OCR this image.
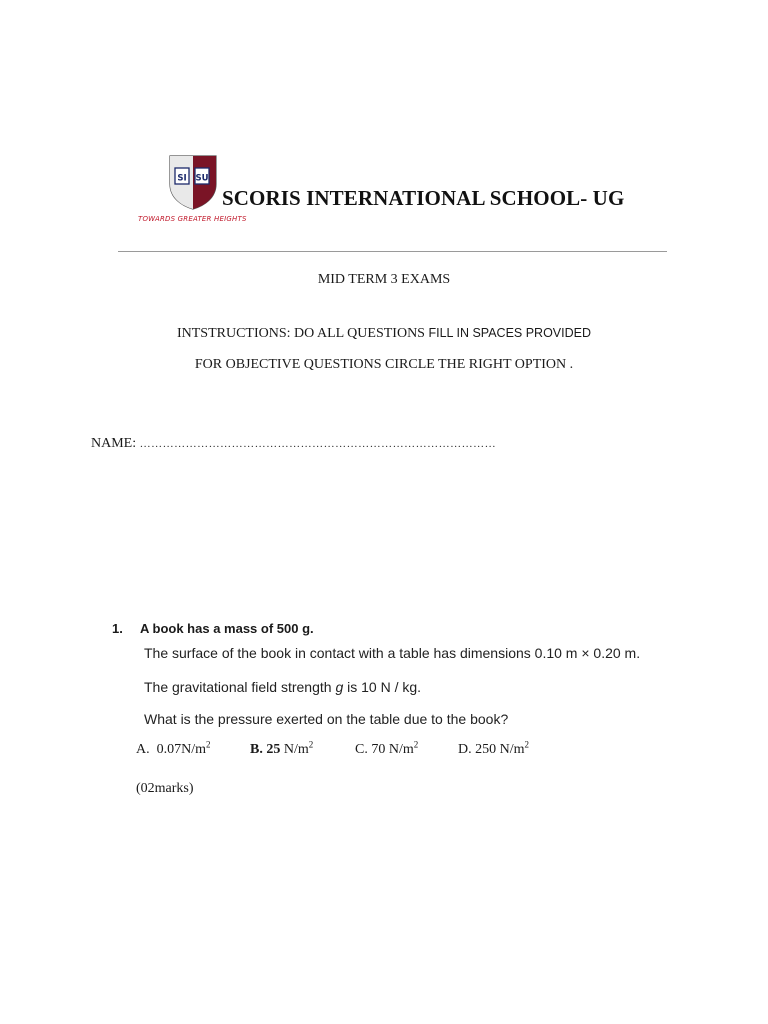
SI SU
SCORIS INTERNATIONAL SCHOOL- UG
TOWARDS GREATER HEIGHTS
MID TERM 3 EXAMS
INTSTRUCTIONS: DO ALL QUESTIONS FILL IN SPACES PROVIDED
FOR OBJECTIVE QUESTIONS CIRCLE THE RIGHT OPTION .
NAME: …………………………………………………………………………………
1. A book has a mass of 500 g.
The surface of the book in contact with a table has dimensions 0.10 m × 0.20 m.
The gravitational field strength g is 10 N / kg.
What is the pressure exerted on the table due to the book?
A. $0.07N/m^2$	B. 25 $N/m^2$	C. 70 $N/m^2$	D. 250 $N/m^2$
(02marks)
